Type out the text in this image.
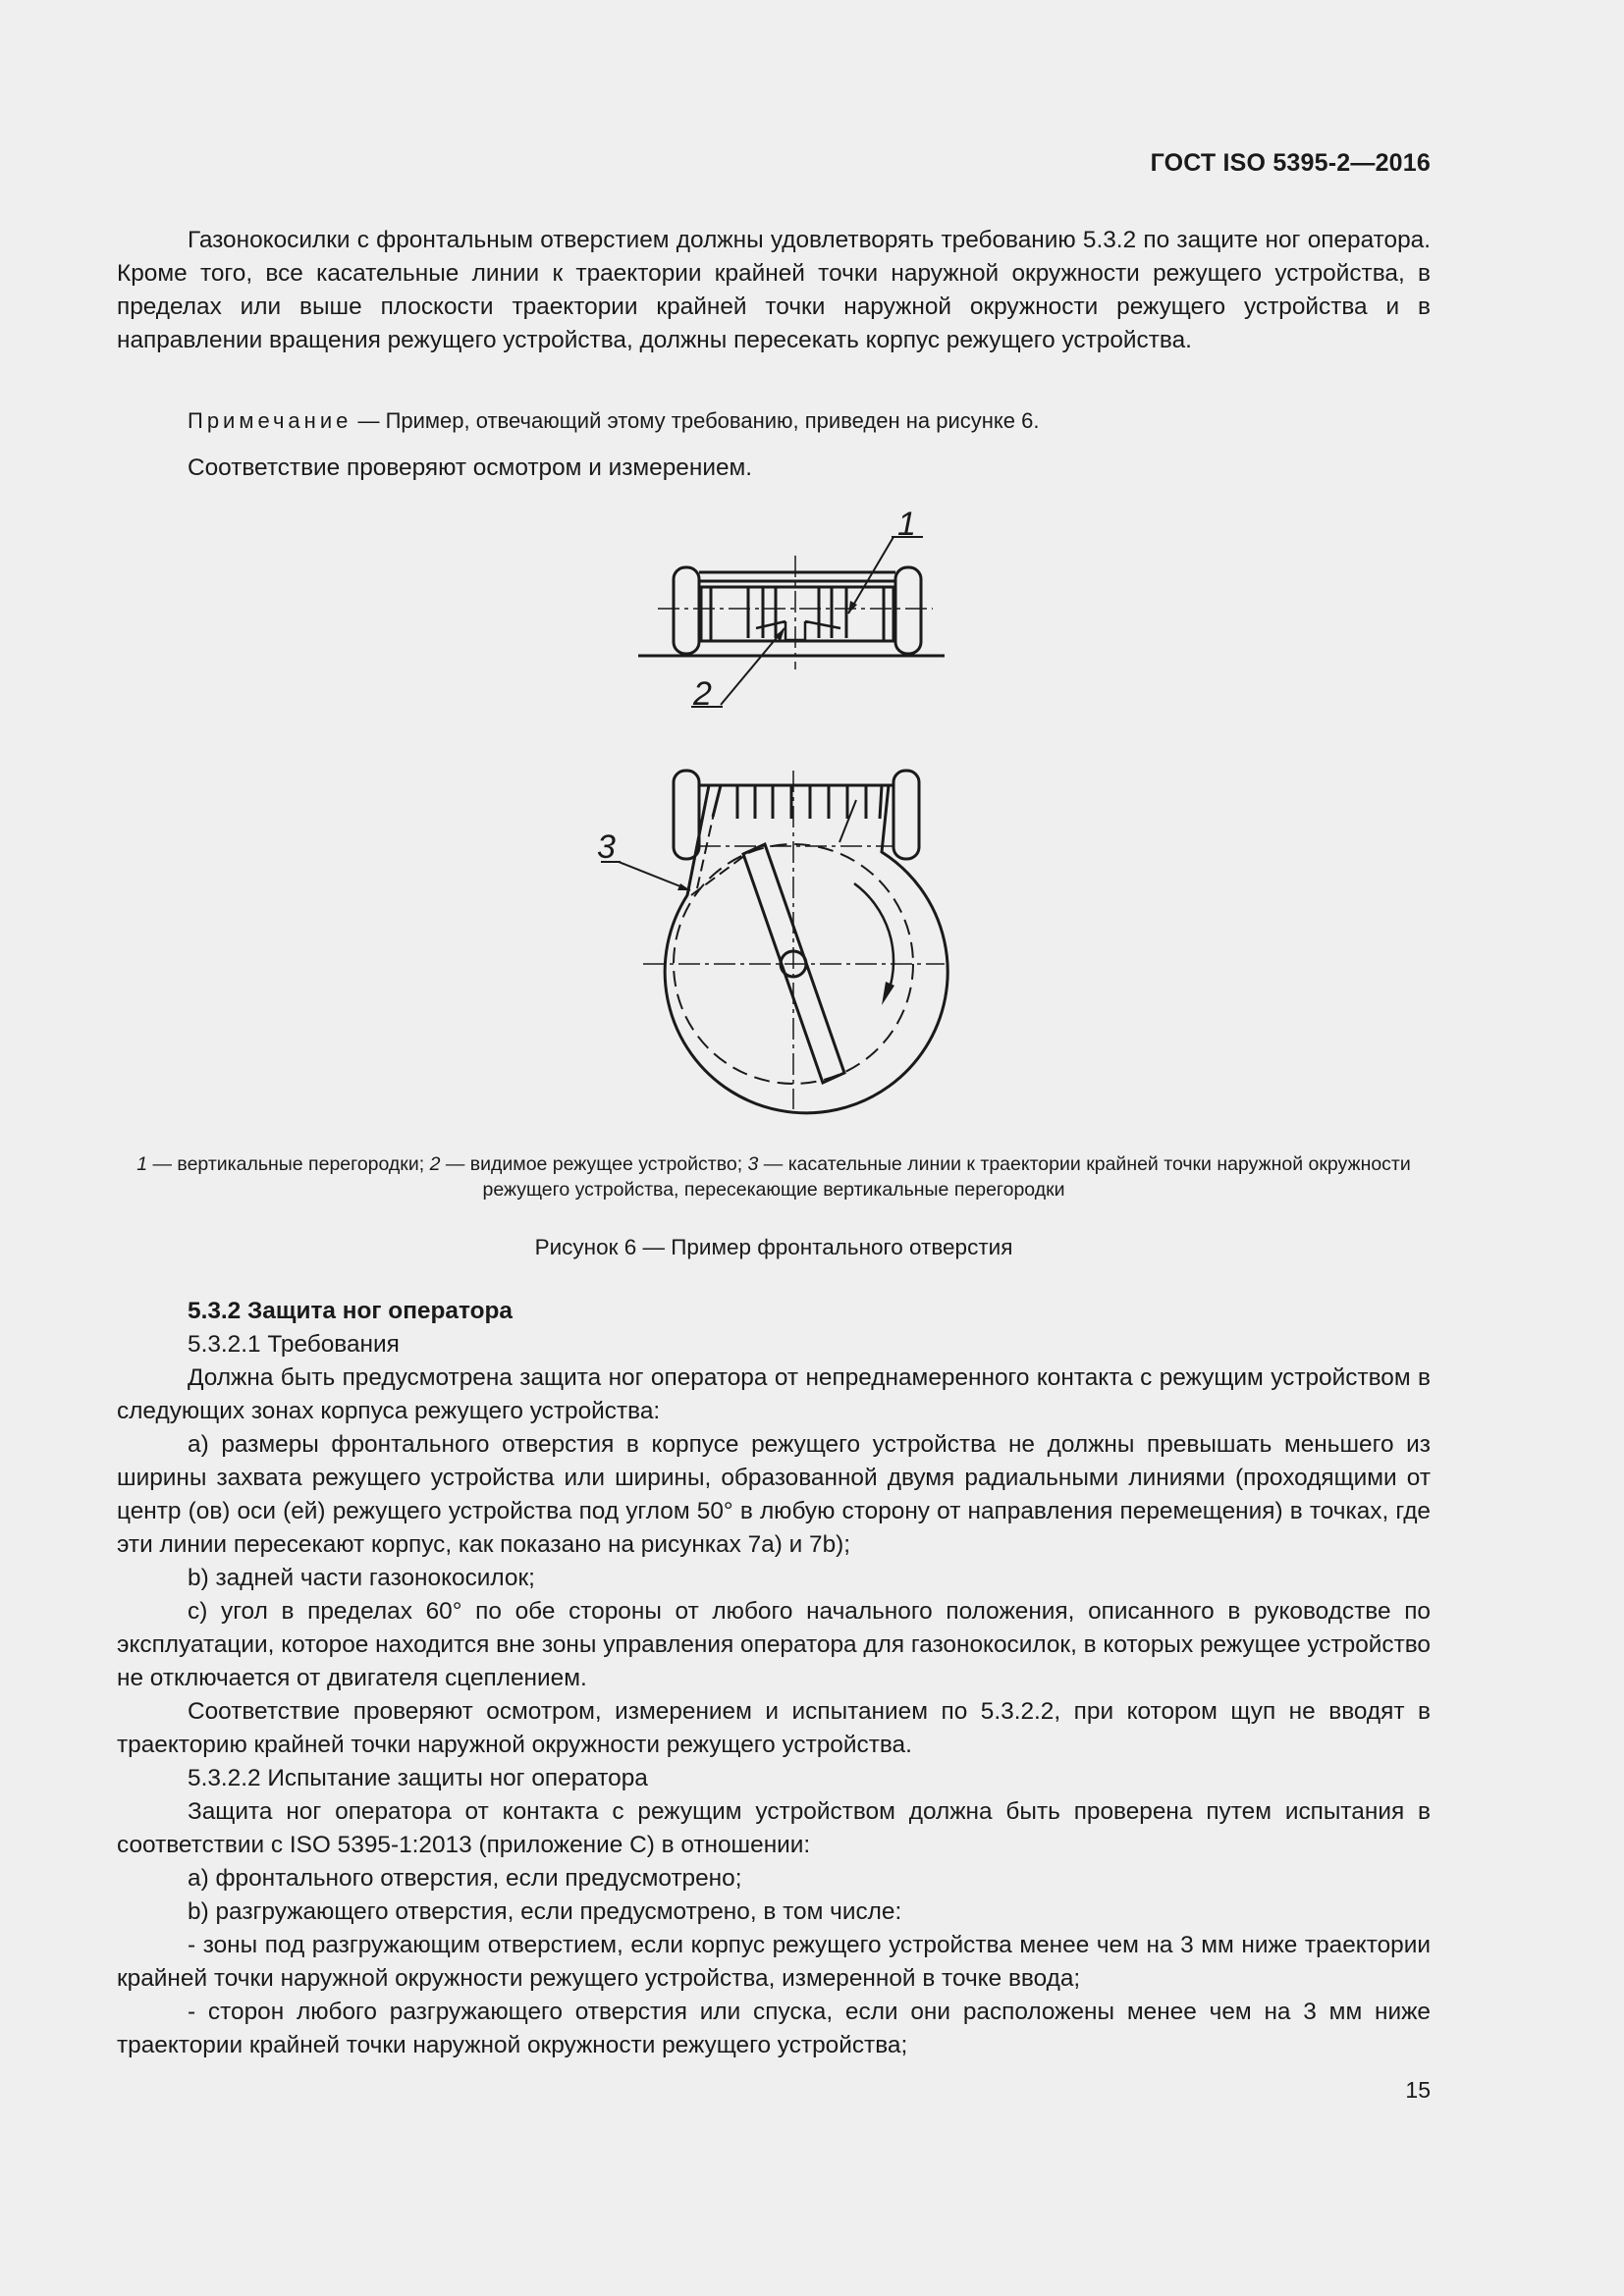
ГОСТ ISO 5395-2—2016

Газонокосилки с фронтальным отверстием должны удовлетворять требованию 5.3.2 по защите ног оператора. Кроме того, все касательные линии к траектории крайней точки наружной окружности режущего устройства, в пределах или выше плоскости траектории крайней точки наружной окружности режущего устройства и в направлении вращения режущего устройства, должны пересекать корпус режущего устройства.

Примечание — Пример, отвечающий этому требованию, приведен на рисунке 6.

Соответствие проверяют осмотром и измерением.

1
2
3
1 — вертикальные перегородки; 2 — видимое режущее устройство; 3 — касательные линии к траектории крайней точки наружной окружности режущего устройства, пересекающие вертикальные перегородки
Рисунок 6 — Пример фронтального отверстия

5.3.2 Защита ног оператора

5.3.2.1 Требования

Должна быть предусмотрена защита ног оператора от непреднамеренного контакта с режущим устройством в следующих зонах корпуса режущего устройства:

а) размеры фронтального отверстия в корпусе режущего устройства не должны превышать меньшего из ширины захвата режущего устройства или ширины, образованной двумя радиальными линиями (проходящими от центр (ов) оси (ей) режущего устройства под углом 50° в любую сторону от направления перемещения) в точках, где эти линии пересекают корпус, как показано на рисунках 7а) и 7b);

b) задней части газонокосилок;

с) угол в пределах 60° по обе стороны от любого начального положения, описанного в руководстве по эксплуатации, которое находится вне зоны управления оператора для газонокосилок, в которых режущее устройство не отключается от двигателя сцеплением.

Соответствие проверяют осмотром, измерением и испытанием по 5.3.2.2, при котором щуп не вводят в траекторию крайней точки наружной окружности режущего устройства.

5.3.2.2 Испытание защиты ног оператора

Защита ног оператора от контакта с режущим устройством должна быть проверена путем испытания в соответствии с ISO 5395-1:2013 (приложение С) в отношении:

а) фронтального отверстия, если предусмотрено;

b) разгружающего отверстия, если предусмотрено, в том числе:

- зоны под разгружающим отверстием, если корпус режущего устройства менее чем на 3 мм ниже траектории крайней точки наружной окружности режущего устройства, измеренной в точке ввода;

- сторон любого разгружающего отверстия или спуска, если они расположены менее чем на 3 мм ниже траектории крайней точки наружной окружности режущего устройства;

15
